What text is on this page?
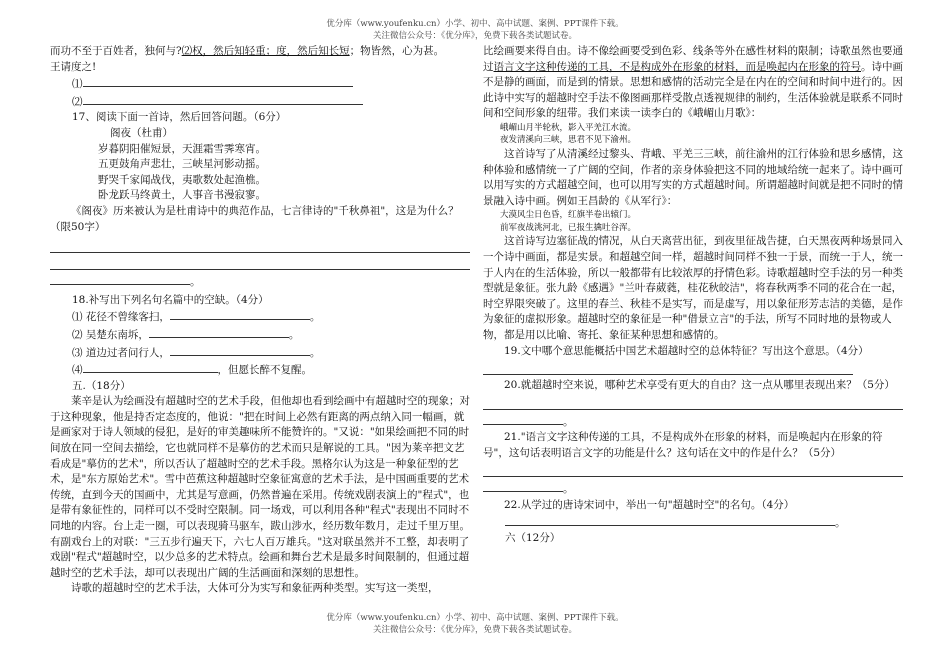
优分库（www.youfenku.cn）小学、初中、高中试题、案例、PPT课件下载。
关注微信公众号：《优分库》，免费下载各类试题试卷。

而功不至于百姓者，独何与?⑵权，然后知轻重；度，然后知长短；物皆然，心为甚。

王请度之!

⑴

⑵

17、阅读下面一首诗，然后回答问题。（6分）

阁夜（杜甫）

岁暮阴阳催短景，天涯霜雪霁寒宵。

五更鼓角声悲壮，三峡星河影动摇。

野哭千家闻战伐，夷歌数处起渔樵。

卧龙跃马终黄土，人事音书漫寂寥。

《阁夜》历来被认为是杜甫诗中的典范作品，七言律诗的"千秋鼻祖"，这是为什么？（限50字）

。

18.补写出下列名句名篇中的空缺。（4分）

⑴ 花径不曾缘客扫，	。

⑵ 吴楚东南坼，	。

⑶ 道边过者问行人，	。

⑷	，但愿长醉不复醒。

五.（18分）

莱辛是认为绘画没有超越时空的艺术手段，但他却也看到绘画中有超越时空的现象；对于这种现象，他是持否定态度的，他说："把在时间上必然有距离的两点纳入同一幅画，就是画家对于诗人领域的侵犯，是好的审美趣味所不能赞许的。"又说："如果绘画把不同的时间放在同一空间去描绘，它也就同样不是摹仿的艺术而只是解说的工具。"因为莱辛把文艺看成是"摹仿的艺术"，所以否认了超越时空的艺术手段。黑格尔认为这是一种象征型的艺术，是"东方原始艺术"。雪中芭蕉这种超越时空象征寓意的艺术手法，是中国画重要的艺术传统，直到今天的国画中，尤其是写意画，仍然普遍在采用。传统戏剧表演上的"程式"，也是带有象征性的，同样可以不受时空限制。同一场戏，可以利用各种"程式"表现出不同时不同地的内容。台上走一圈，可以表现骑马驱车，跋山涉水，经历数年数月，走过千里万里。有副戏台上的对联："三五步行遍天下，六七人百万雄兵。"这对联虽然并不工整，却表明了戏剧"程式"超越时空，以少总多的艺术特点。绘画和舞台艺术是最多时间限制的，但通过超越时空的艺术手法，却可以表现出广阔的生活画面和深刻的思想性。

诗歌的超越时空的艺术手法，大体可分为实写和象征两种类型。实写这一类型，

比绘画要来得自由。诗不像绘画要受到色彩、线条等外在感性材料的限制；诗歌虽然也要通过语言文字这种传递的工具，不是构成外在形象的材料，而是唤起内在形象的符号。诗中画不是静的画面，而是到的情景。思想和感情的活动完全是在内在的空间和时间中进行的。因此诗中实写的超越时空手法不像图画那样受散点透视规律的制约，生活体验就是联系不同时间和空间形象的纽带。我们来读一读李白的《峨嵋山月歌》：

峨嵋山月半轮秋，影入平羌江水流。

夜发清溪向三峡，思君不见下渝州。

这首诗写了从清溪经过黎头、背峨、平羌三三峡，前往渝州的江行体验和思乡感情，这种体验和感情统一了广阔的空间，作者的亲身体验把这不同的地域给统一起来了。诗中画可以用写实的方式超越空间，也可以用写实的方式超越时间。所谓超越时间就是把不同时的情景融入诗中画。例如王昌龄的《从军行》：

大漠风尘日色昏，红旗半卷出辕门。

前军夜战洮河北，已报生擒吐谷浑。

这首诗写边塞征战的情况，从白天离营出征，到夜里征战告捷，白天黑夜两种场景同入一个诗中画面，都是实景。和超越空间一样，超越时间同样不独一于景，而统一于人，统一于人内在的生活体验，所以一般都带有比较浓厚的抒情色彩。诗歌超越时空手法的另一种类型就是象征。张九龄《感遇》"兰叶春葳蕤，桂花秋皎洁"，将春秋两季不同的花合在一起，时空界限突破了。这里的春兰、秋桂不是实写，而是虚写，用以象征形芳志洁的美德，是作为象征的虚拟形象。超越时空的象征是一种"借景立言"的手法，所写不同时地的景物或人物，都是用以比喻、寄托、象征某种思想和感情的。

19.文中哪个意思能概括中国艺术超越时空的总体特征？写出这个意思。（4分）

20.就超越时空来说，哪种艺术享受有更大的自由？这一点从哪里表现出来？（5分）

。

21."语言文字这种传递的工具，不是构成外在形象的材料，而是唤起内在形象的符号"，这句话表明语言文字的功能是什么？这句话在文中的作是什么？（5分）

。

22.从学过的唐诗宋词中，举出一句"超越时空"的名句。（4分）

。

六（12分）

优分库（www.youfenku.cn）小学、初中、高中试题、案例、PPT课件下载。
关注微信公众号：《优分库》，免费下载各类试题试卷。
